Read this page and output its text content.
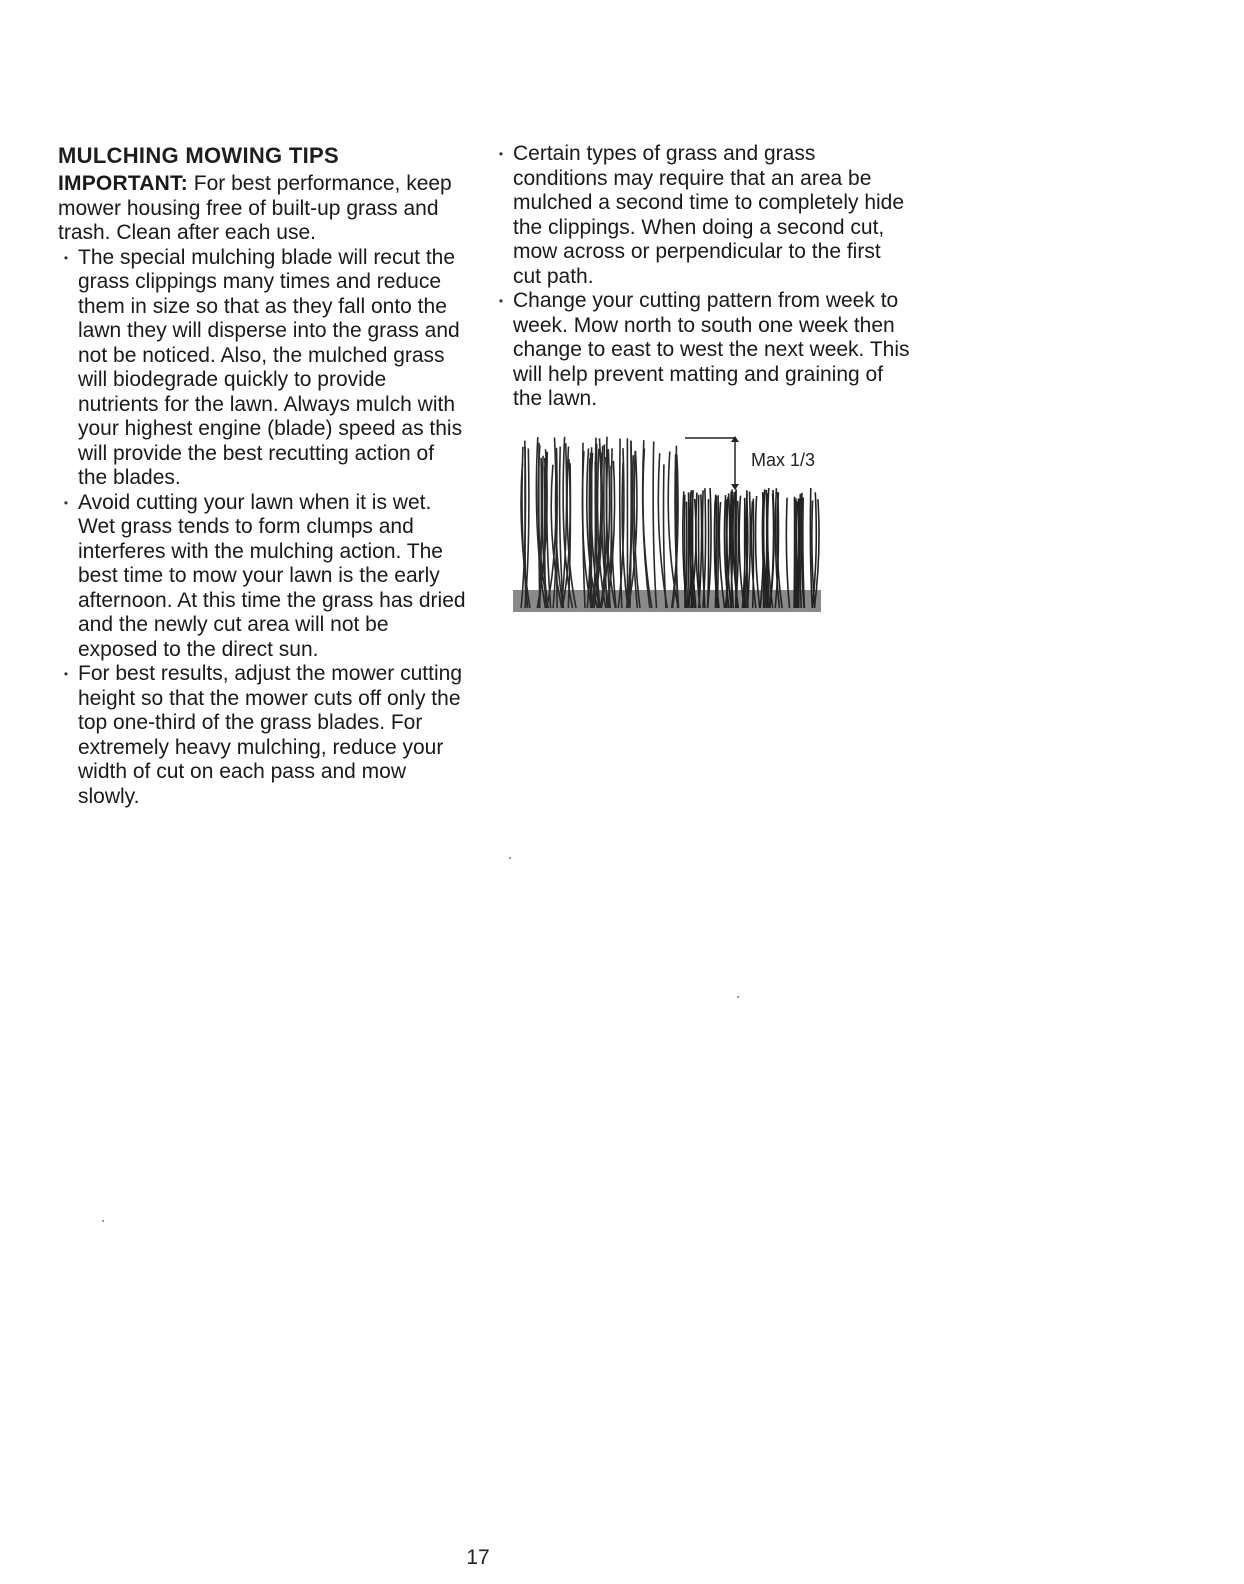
MULCHING MOWING TIPS

IMPORTANT: For best performance, keep mower housing free of built-up grass and trash. Clean after each use.

• The special mulching blade will recut the grass clippings many times and reduce them in size so that as they fall onto the lawn they will disperse into the grass and not be noticed. Also, the mulched grass will biodegrade quickly to provide nutrients for the lawn. Always mulch with your highest engine (blade) speed as this will provide the best recutting action of the blades.
• Avoid cutting your lawn when it is wet. Wet grass tends to form clumps and interferes with the mulching action. The best time to mow your lawn is the early afternoon. At this time the grass has dried and the newly cut area will not be exposed to the direct sun.
• For best results, adjust the mower cutting height so that the mower cuts off only the top one-third of the grass blades. For extremely heavy mulching, reduce your width of cut on each pass and mow slowly.
• Certain types of grass and grass conditions may require that an area be mulched a second time to completely hide the clippings. When doing a second cut, mow across or perpendicular to the first cut path.
• Change your cutting pattern from week to week. Mow north to south one week then change to east to west the next week. This will help prevent matting and graining of the lawn.
Max 1/3
17
